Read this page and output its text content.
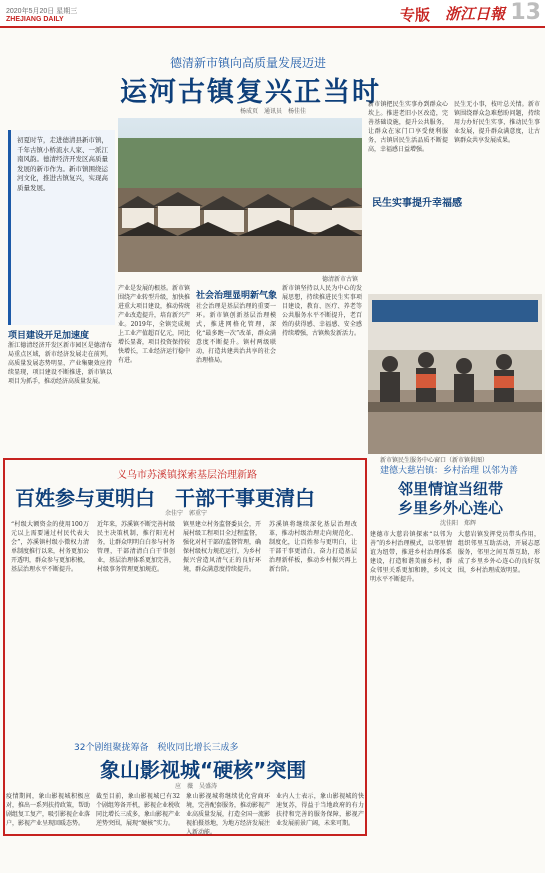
2020年5月20日 星期三
ZHEJIANG DAILY	专版 浙江日報 13
德清新市镇向高质量发展迈进
运河古镇复兴正当时
杨成页　通讯员　杨佳佳
初夏时节，走进德清县新市镇，千年古镇小桥流水人家、一派江南风韵。德清经济开发区高质量发展的新市作为。新市镇围绕运河文化，推进古镇复兴，实现高质量发展。
项目建设开足加速度
浙江德清经济开发区新市园区是德清布局重点区域，新市经济发展走在前列，高质量发展态势明显，产业集聚效应持续显现，项目建设不断推进，新市镇以项目为抓手，推动经济高质量发展。
德清新市古镇
产业是发展的根基。新市镇围绕产业转型升级，加快推进重大项目建设，推动传统产业改造提升，培育新兴产业。2019年，全镇完成规上工业产值超百亿元，同比增长显著，项目投资保持较快增长，工业经济运行稳中有进。
社会治理显明新气象
社会治理是基层治理的重要一环。新市镇创新基层治理模式，推进网格化管理，深化“最多跑一次”改革，群众满意度不断提升。镇村两级联动，打造共建共治共享的社会治理格局。
新市镇坚持以人民为中心的发展思想，持续推进民生实事项目建设，教育、医疗、养老等公共服务水平不断提升，老百姓的获得感、幸福感、安全感持续增强，古镇焕发新活力。
新市镇把民生实事办到群众心坎上。推进老旧小区改造，完善基础设施，提升公共服务，让群众在家门口享受便利服务，古镇居民生活品质不断提高，幸福感日益增强。
民生无小事，枝叶总关情。新市镇围绕群众急难愁盼问题，持续用力办好民生实事，推动民生事业发展，提升群众满意度，让古镇群众共享发展成果。
民生实事提升幸福感
新市镇民生服务中心窗口（新市镇供图）
义乌市苏溪镇探索基层治理新路
百姓参与更明白　干部干事更清白
余佳宁　郭重宁
“村级大额资金的使用100万元以上需要通过村民代表大会”，苏溪镇村级小微权力清单制度推行以来，村务更加公开透明，群众参与更加积极，基层治理水平不断提升。
近年来，苏溪镇不断完善村级民主决策机制，推行阳光村务，让群众明明白白参与村务管理，干部清清白白干事创业，基层治理体系更加完善，村级事务管理更加规范。
镇里建立村务监督委员会，开展村级工程项目全过程监督，强化对村干部的监督管理，确保村级权力规范运行，为乡村振兴营造风清气正的良好环境，群众满意度持续提升。
苏溪镇将继续深化基层治理改革，推动村级治理走向规范化、制度化，让百姓参与更明白，让干部干事更清白，奋力打造基层治理新样板，推动乡村振兴再上新台阶。
建德大慈岩镇：乡村治理 以邻为善
邻里情谊当纽带
乡里乡外心连心
沈佳阳　郑辉
建德市大慈岩镇探索“以邻为善”的乡村治理模式，以邻里情谊为纽带，推进乡村治理体系建设，打造和谐美丽乡村，群众邻里关系更加和睦，乡风文明水平不断提升。
大慈岩镇发挥党员带头作用，组织邻里互助活动，开展志愿服务，邻里之间互帮互助，形成了乡里乡外心连心的良好氛围，乡村治理成效明显。
32个剧组聚拢筹备　税收同比增长三成多
象山影视城“硬核”突围
应　薇　吴盛涛
疫情期间，象山影视城积极应对，推出一系列扶持政策，帮助剧组复工复产，吸引影视企业落户，影视产业呈现回暖态势。
截至目前，象山影视城已有32个剧组筹备开机，影视企业税收同比增长三成多，象山影视产业逆势突围，展现“硬核”实力。
象山影视城将继续优化营商环境，完善配套服务，推动影视产业高质量发展，打造全国一流影视拍摄基地，为地方经济发展注入新动能。
业内人士表示，象山影视城的快速复苏，得益于当地政府的有力扶持和完善的服务保障，影视产业发展前景广阔，未来可期。
